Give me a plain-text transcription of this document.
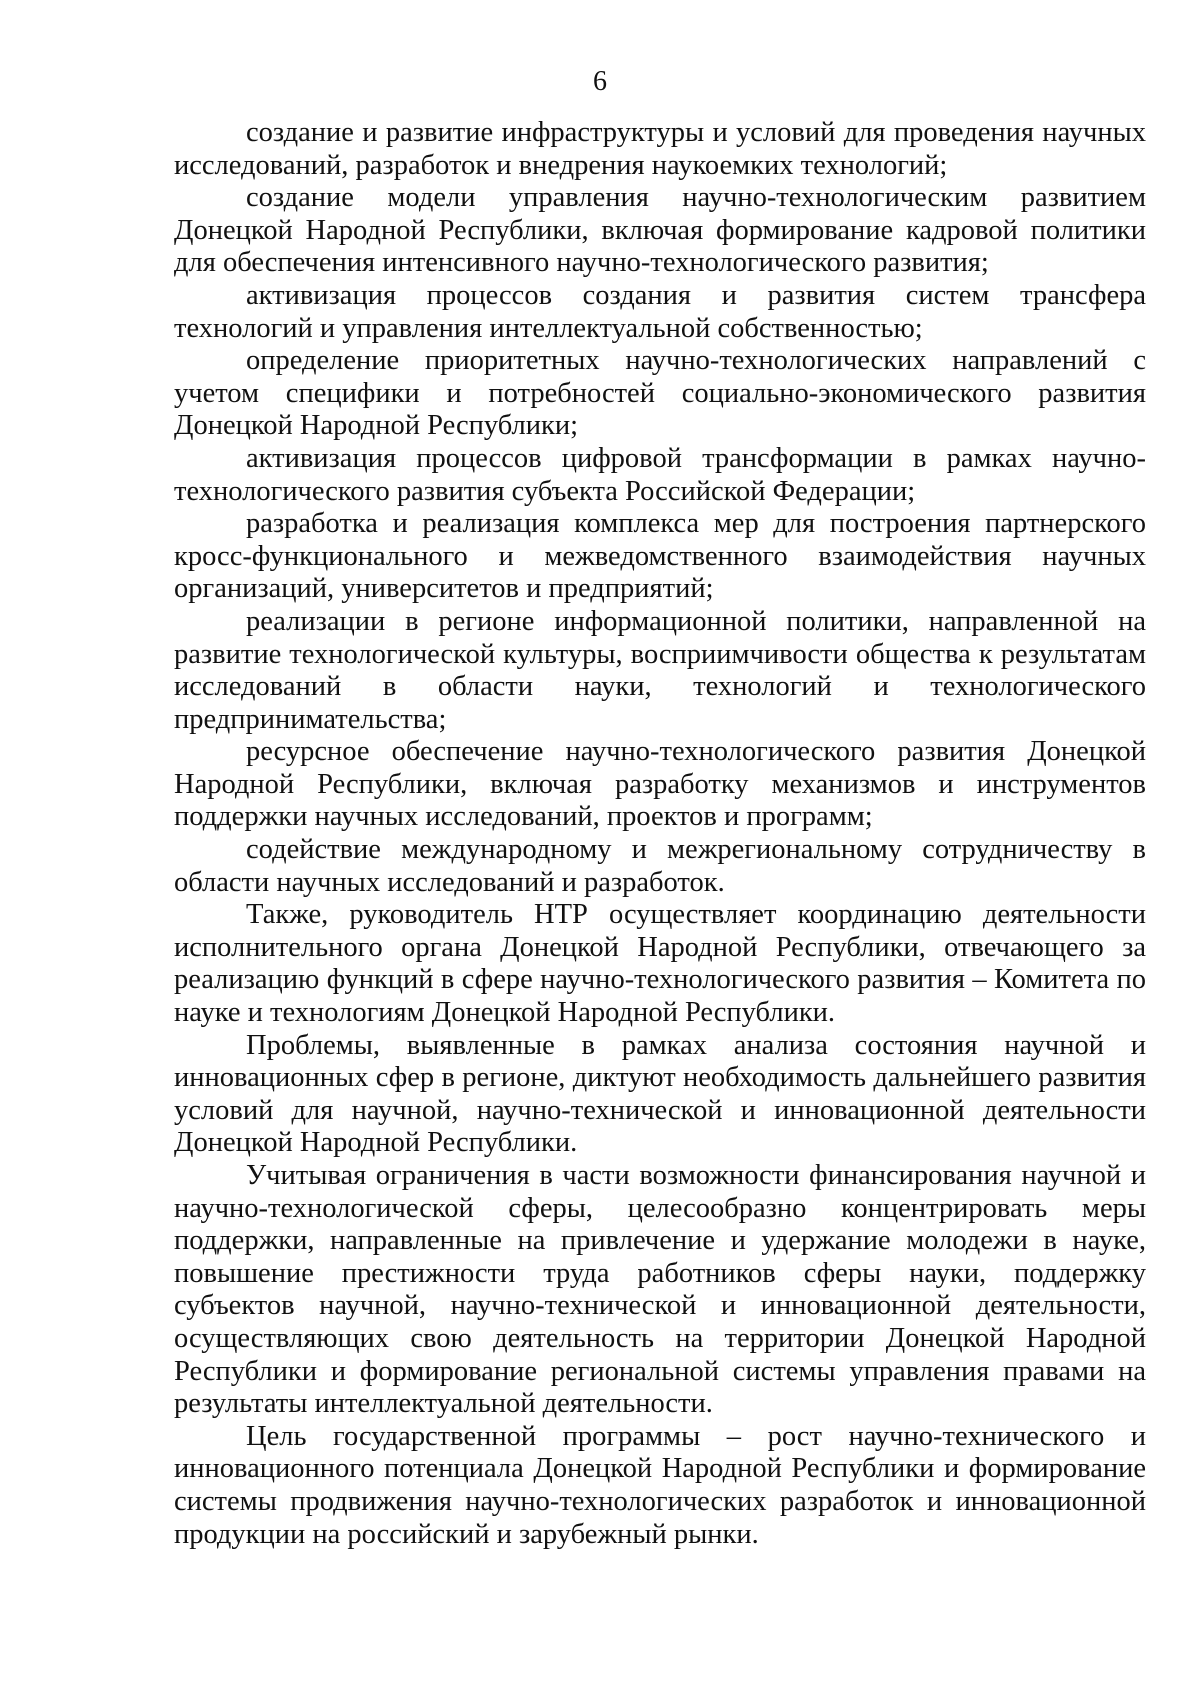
6

создание и развитие инфраструктуры и условий для проведения научных исследований, разработок и внедрения наукоемких технологий;

создание модели управления научно-технологическим развитием Донецкой Народной Республики, включая формирование кадровой политики для обеспечения интенсивного научно-технологического развития;

активизация процессов создания и развития систем трансфера технологий и управления интеллектуальной собственностью;

определение приоритетных научно-технологических направлений с учетом специфики и потребностей социально-экономического развития Донецкой Народной Республики;

активизация процессов цифровой трансформации в рамках научно-технологического развития субъекта Российской Федерации;

разработка и реализация комплекса мер для построения партнерского кросс-функционального и межведомственного взаимодействия научных организаций, университетов и предприятий;

реализации в регионе информационной политики, направленной на развитие технологической культуры, восприимчивости общества к результатам исследований в области науки, технологий и технологического предпринимательства;

ресурсное обеспечение научно-технологического развития Донецкой Народной Республики, включая разработку механизмов и инструментов поддержки научных исследований, проектов и программ;

содействие международному и межрегиональному сотрудничеству в области научных исследований и разработок.

Также, руководитель НТР осуществляет координацию деятельности исполнительного органа Донецкой Народной Республики, отвечающего за реализацию функций в сфере научно-технологического развития – Комитета по науке и технологиям Донецкой Народной Республики.

Проблемы, выявленные в рамках анализа состояния научной и инновационных сфер в регионе, диктуют необходимость дальнейшего развития условий для научной, научно-технической и инновационной деятельности Донецкой Народной Республики.

Учитывая ограничения в части возможности финансирования научной и научно-технологической сферы, целесообразно концентрировать меры поддержки, направленные на привлечение и удержание молодежи в науке, повышение престижности труда работников сферы науки, поддержку субъектов научной, научно-технической и инновационной деятельности, осуществляющих свою деятельность на территории Донецкой Народной Республики и формирование региональной системы управления правами на результаты интеллектуальной деятельности.

Цель государственной программы – рост научно-технического и инновационного потенциала Донецкой Народной Республики и формирование системы продвижения научно-технологических разработок и инновационной продукции на российский и зарубежный рынки.
